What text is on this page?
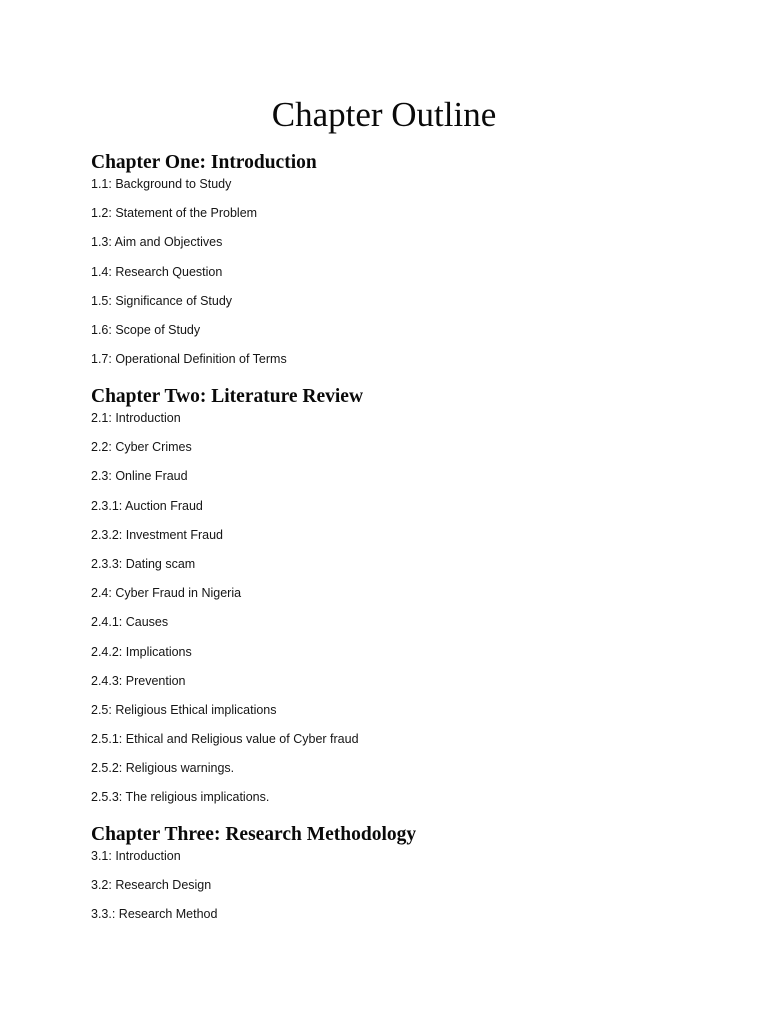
Chapter Outline
Chapter One: Introduction
1.1: Background to Study
1.2: Statement of the Problem
1.3: Aim and Objectives
1.4: Research Question
1.5: Significance of Study
1.6: Scope of Study
1.7: Operational Definition of Terms
Chapter Two: Literature Review
2.1: Introduction
2.2: Cyber Crimes
2.3: Online Fraud
2.3.1: Auction Fraud
2.3.2: Investment Fraud
2.3.3: Dating scam
2.4: Cyber Fraud in Nigeria
2.4.1: Causes
2.4.2: Implications
2.4.3: Prevention
2.5: Religious Ethical implications
2.5.1: Ethical and Religious value of Cyber fraud
2.5.2: Religious warnings.
2.5.3: The religious implications.
Chapter Three: Research Methodology
3.1: Introduction
3.2: Research Design
3.3.: Research Method
